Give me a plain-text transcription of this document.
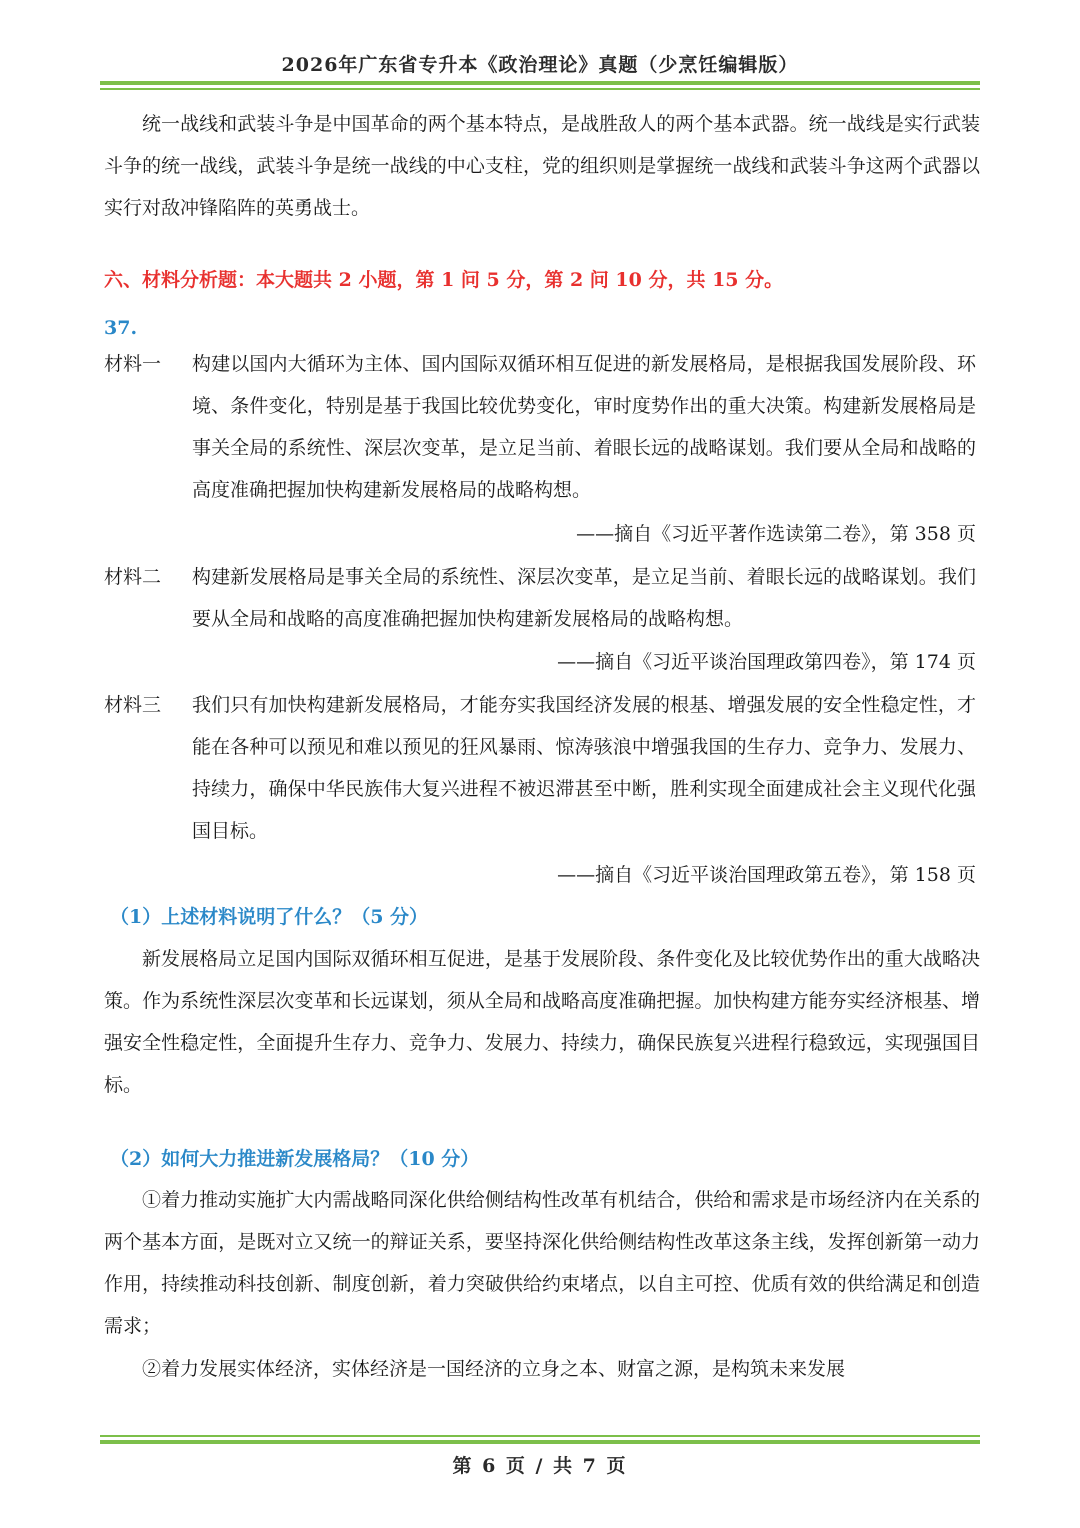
2026年广东省专升本《政治理论》真题（少烹饪编辑版）

统一战线和武装斗争是中国革命的两个基本特点，是战胜敌人的两个基本武器。统一战线是实行武装斗争的统一战线，武装斗争是统一战线的中心支柱，党的组织则是掌握统一战线和武装斗争这两个武器以实行对敌冲锋陷阵的英勇战士。

六、材料分析题：本大题共 2 小题，第 1 问 5 分，第 2 问 10 分，共 15 分。
37.
材料一 构建以国内大循环为主体、国内国际双循环相互促进的新发展格局，是根据我国发展阶段、环境、条件变化，特别是基于我国比较优势变化，审时度势作出的重大决策。构建新发展格局是事关全局的系统性、深层次变革，是立足当前、着眼长远的战略谋划。我们要从全局和战略的高度准确把握加快构建新发展格局的战略构想。

——摘自《习近平著作选读第二卷》，第 358 页
材料二 构建新发展格局是事关全局的系统性、深层次变革，是立足当前、着眼长远的战略谋划。我们要从全局和战略的高度准确把握加快构建新发展格局的战略构想。

——摘自《习近平谈治国理政第四卷》，第 174 页
材料三 我们只有加快构建新发展格局，才能夯实我国经济发展的根基、增强发展的安全性稳定性，才能在各种可以预见和难以预见的狂风暴雨、惊涛骇浪中增强我国的生存力、竞争力、发展力、持续力，确保中华民族伟大复兴进程不被迟滞甚至中断，胜利实现全面建成社会主义现代化强国目标。

——摘自《习近平谈治国理政第五卷》，第 158 页
（1）上述材料说明了什么？（5 分）

新发展格局立足国内国际双循环相互促进，是基于发展阶段、条件变化及比较优势作出的重大战略决策。作为系统性深层次变革和长远谋划，须从全局和战略高度准确把握。加快构建方能夯实经济根基、增强安全性稳定性，全面提升生存力、竞争力、发展力、持续力，确保民族复兴进程行稳致远，实现强国目标。

（2）如何大力推进新发展格局？（10 分）

①着力推动实施扩大内需战略同深化供给侧结构性改革有机结合，供给和需求是市场经济内在关系的两个基本方面，是既对立又统一的辩证关系，要坚持深化供给侧结构性改革这条主线，发挥创新第一动力作用，持续推动科技创新、制度创新，着力突破供给约束堵点，以自主可控、优质有效的供给满足和创造需求；

②着力发展实体经济，实体经济是一国经济的立身之本、财富之源，是构筑未来发展

第 6 页 / 共 7 页
